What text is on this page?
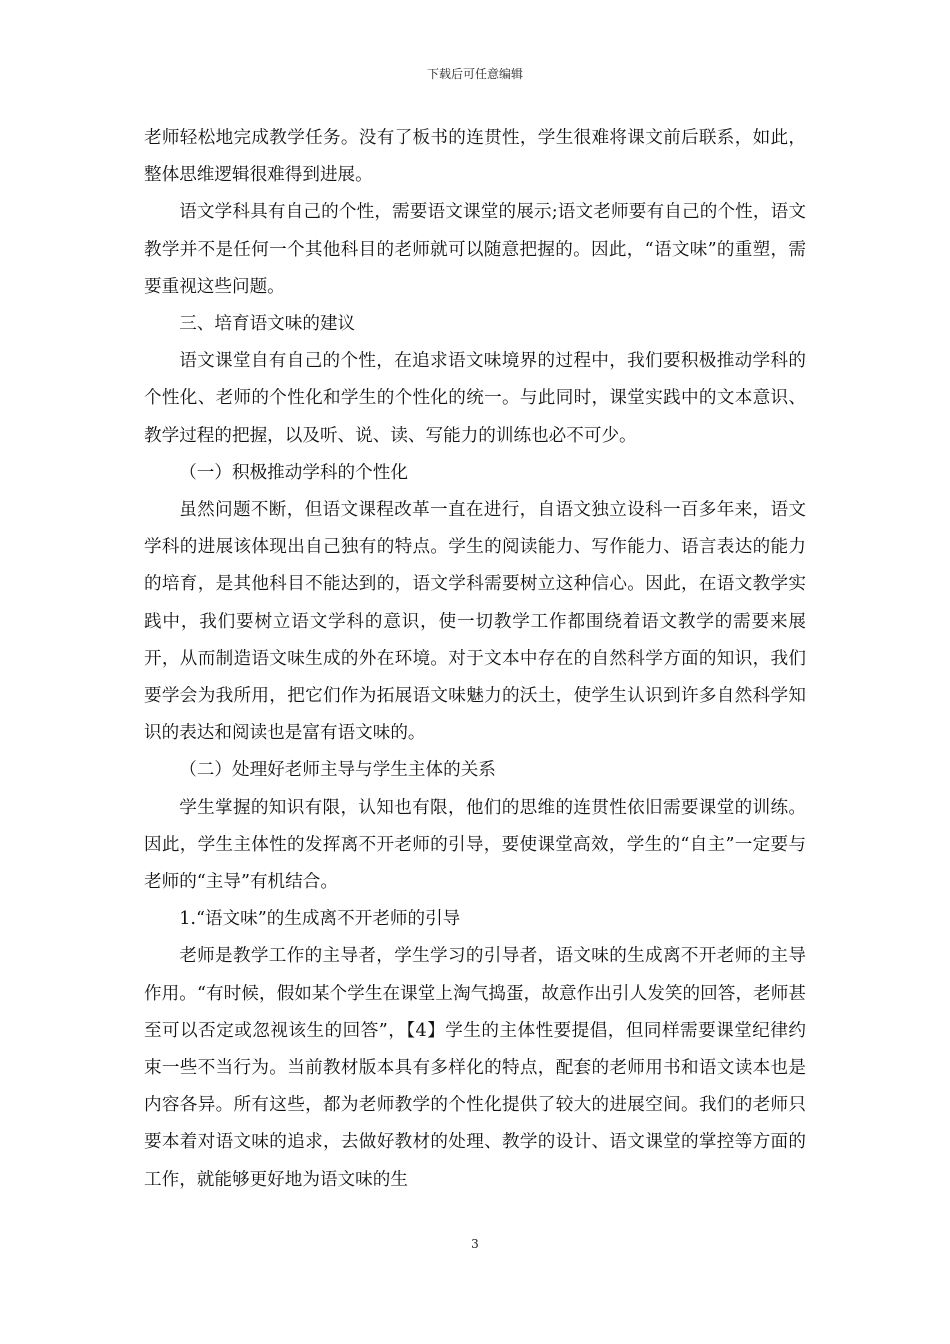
下载后可任意编辑

老师轻松地完成教学任务。没有了板书的连贯性，学生很难将课文前后联系，如此，整体思维逻辑很难得到进展。

语文学科具有自己的个性，需要语文课堂的展示;语文老师要有自己的个性，语文教学并不是任何一个其他科目的老师就可以随意把握的。因此，“语文味”的重塑，需要重视这些问题。

三、培育语文味的建议

语文课堂自有自己的个性，在追求语文味境界的过程中，我们要积极推动学科的个性化、老师的个性化和学生的个性化的统一。与此同时，课堂实践中的文本意识、教学过程的把握，以及听、说、读、写能力的训练也必不可少。

（一）积极推动学科的个性化

虽然问题不断，但语文课程改革一直在进行，自语文独立设科一百多年来，语文学科的进展该体现出自己独有的特点。学生的阅读能力、写作能力、语言表达的能力的培育，是其他科目不能达到的，语文学科需要树立这种信心。因此，在语文教学实践中，我们要树立语文学科的意识，使一切教学工作都围绕着语文教学的需要来展开，从而制造语文味生成的外在环境。对于文本中存在的自然科学方面的知识，我们要学会为我所用，把它们作为拓展语文味魅力的沃土，使学生认识到许多自然科学知识的表达和阅读也是富有语文味的。

（二）处理好老师主导与学生主体的关系

学生掌握的知识有限，认知也有限，他们的思维的连贯性依旧需要课堂的训练。因此，学生主体性的发挥离不开老师的引导，要使课堂高效，学生的“自主”一定要与老师的“主导”有机结合。

1.“语文味”的生成离不开老师的引导

老师是教学工作的主导者，学生学习的引导者，语文味的生成离不开老师的主导作用。“有时候，假如某个学生在课堂上淘气捣蛋，故意作出引人发笑的回答，老师甚至可以否定或忽视该生的回答”，【4】学生的主体性要提倡，但同样需要课堂纪律约束一些不当行为。当前教材版本具有多样化的特点，配套的老师用书和语文读本也是内容各异。所有这些，都为老师教学的个性化提供了较大的进展空间。我们的老师只要本着对语文味的追求，去做好教材的处理、教学的设计、语文课堂的掌控等方面的工作，就能够更好地为语文味的生

3
